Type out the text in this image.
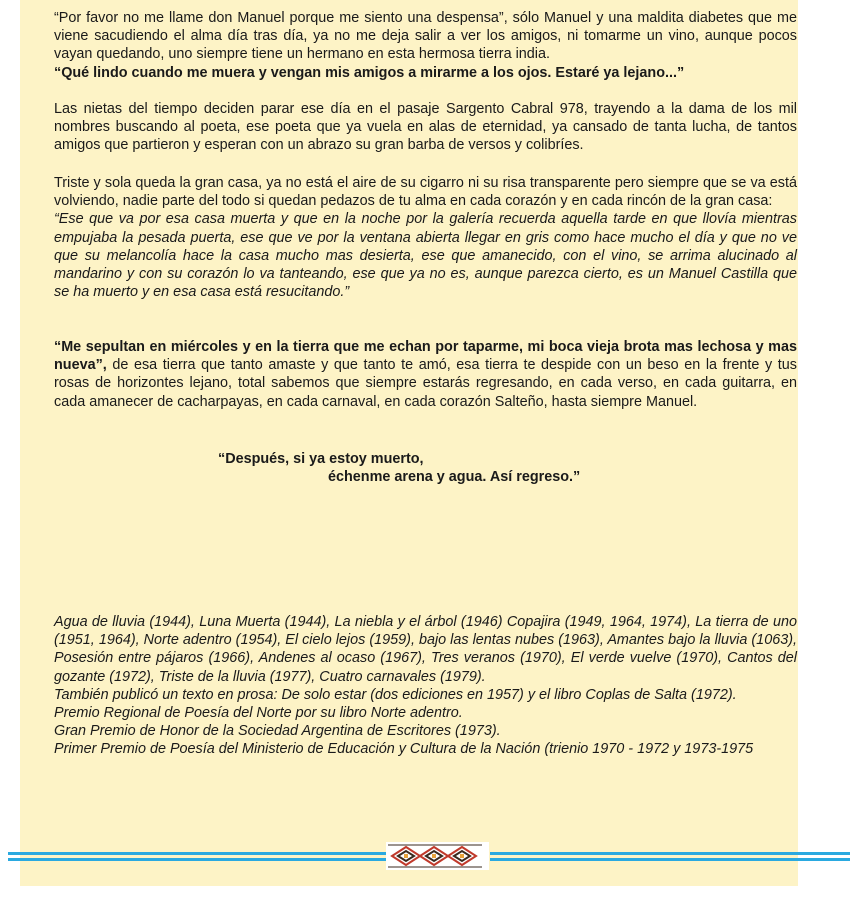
“Por favor no me llame don Manuel porque me siento una despensa”, sólo Manuel y una maldita diabetes que me viene sacudiendo el alma día tras día, ya no me deja salir a ver los amigos, ni tomarme un vino, aunque pocos vayan quedando, uno siempre tiene un hermano en esta hermosa tierra india.
“Qué lindo cuando me muera y vengan mis amigos a mirarme a los ojos. Estaré ya lejano...”

Las nietas del tiempo deciden parar ese día en el pasaje Sargento Cabral 978, trayendo a la dama de los mil nombres buscando al poeta, ese poeta que ya vuela en alas de eternidad, ya cansado de tanta lucha, de tantos amigos que partieron y esperan con un abrazo su gran barba de versos y colibríes.

Triste y sola queda la gran casa, ya no está el aire de su cigarro ni su risa transparente pero siempre que se va está volviendo, nadie parte del todo si quedan pedazos de tu alma en cada corazón y en cada rincón de la gran casa:
“Ese que va por esa casa muerta y que en la noche por la galería recuerda aquella tarde en que llovía mientras empujaba la pesada puerta, ese que ve por la ventana abierta llegar en gris como hace mucho el día y que no ve que su melancolía hace la casa mucho mas desierta, ese que amanecido, con el vino, se arrima alucinado al mandarino y con su corazón lo va tanteando, ese que ya no es, aunque parezca cierto, es un Manuel Castilla que se ha muerto y en esa casa está resucitando.”

“Me sepultan en miércoles y en la tierra que me echan por taparme, mi boca vieja brota mas lechosa y mas nueva”, de esa tierra que tanto amaste y que tanto te amó, esa tierra te despide con un beso en la frente y tus rosas de horizontes lejano, total sabemos que siempre estarás regresando, en cada verso, en cada guitarra, en cada amanecer de cacharpayas, en cada carnaval, en cada corazón Salteño, hasta siempre Manuel.

“Después, si ya estoy muerto,
échenme arena y agua. Así regreso.”

Agua de lluvia (1944), Luna Muerta (1944), La niebla y el árbol (1946) Copajira (1949, 1964, 1974), La tierra de uno (1951, 1964), Norte adentro (1954), El cielo lejos (1959), bajo las lentas nubes (1963), Amantes bajo la lluvia (1063), Posesión entre pájaros (1966), Andenes al ocaso (1967), Tres veranos (1970), El verde vuelve (1970), Cantos del gozante (1972), Triste de la lluvia (1977), Cuatro carnavales (1979).

También publicó un texto en prosa: De solo estar (dos ediciones en 1957) y el libro Coplas de Salta (1972).

Premio Regional de Poesía del Norte por su libro Norte adentro.

Gran Premio de Honor de la Sociedad Argentina de Escritores (1973).

Primer Premio de Poesía del Ministerio de Educación y Cultura de la Nación (trienio 1970 - 1972 y 1973-1975
